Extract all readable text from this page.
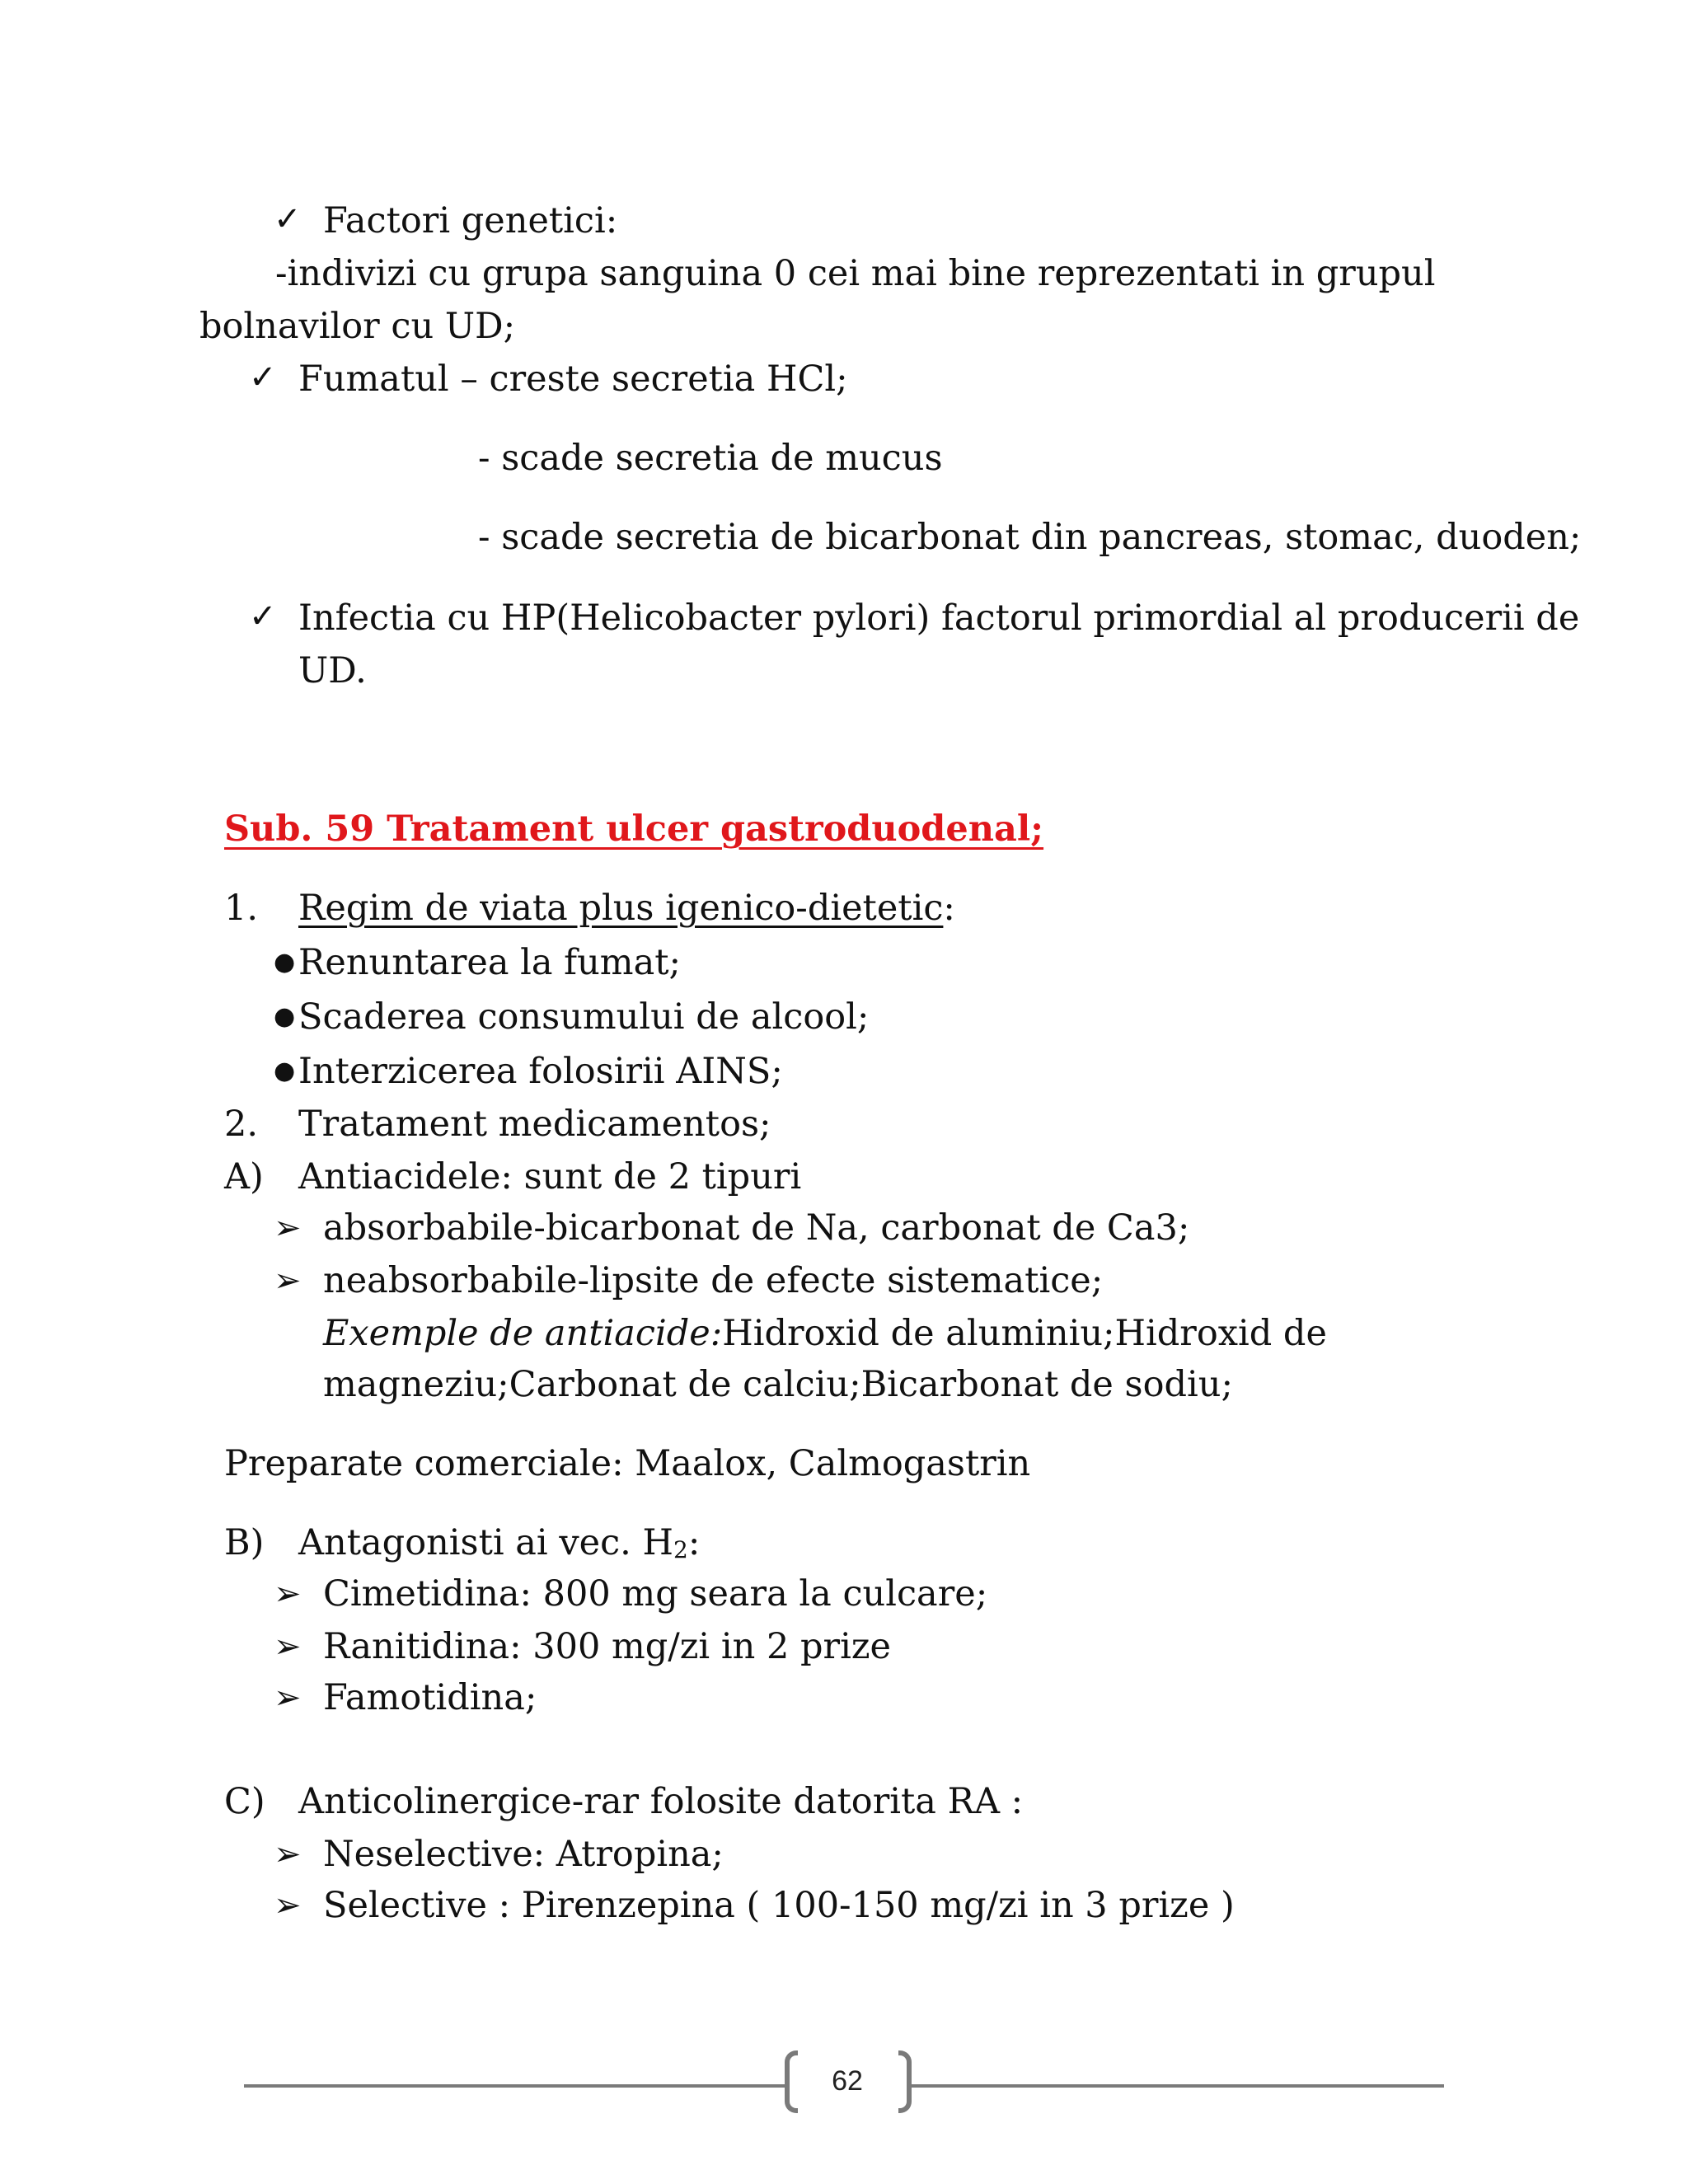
✓ Factori genetici:
-indivizi cu grupa sanguina 0 cei mai bine reprezentati in grupul
bolnavilor cu UD;
✓ Fumatul – creste secretia HCl;
- scade secretia de mucus
- scade secretia de bicarbonat din pancreas, stomac, duoden;
✓ Infectia cu HP(Helicobacter pylori) factorul primordial al producerii de
UD.
Sub. 59 Tratament ulcer gastroduodenal;
1. Regim de viata plus igenico-dietetic:
● Renuntarea la fumat;
● Scaderea consumului de alcool;
● Interzicerea folosirii AINS;
2. Tratament medicamentos;
A) Antiacidele: sunt de 2 tipuri
➢ absorbabile-bicarbonat de Na, carbonat de Ca3;
➢ neabsorbabile-lipsite de efecte sistematice;
Exemple de antiacide:Hidroxid de aluminiu;Hidroxid de
magneziu;Carbonat de calciu;Bicarbonat de sodiu;
Preparate comerciale: Maalox, Calmogastrin
B) Antagonisti ai vec. $H_2$:
➢ Cimetidina: 800 mg seara la culcare;
➢ Ranitidina: 300 mg/zi in 2 prize
➢ Famotidina;
C) Anticolinergice-rar folosite datorita RA :
➢ Neselective: Atropina;
➢ Selective : Pirenzepina ( 100-150 mg/zi in 3 prize )
62
